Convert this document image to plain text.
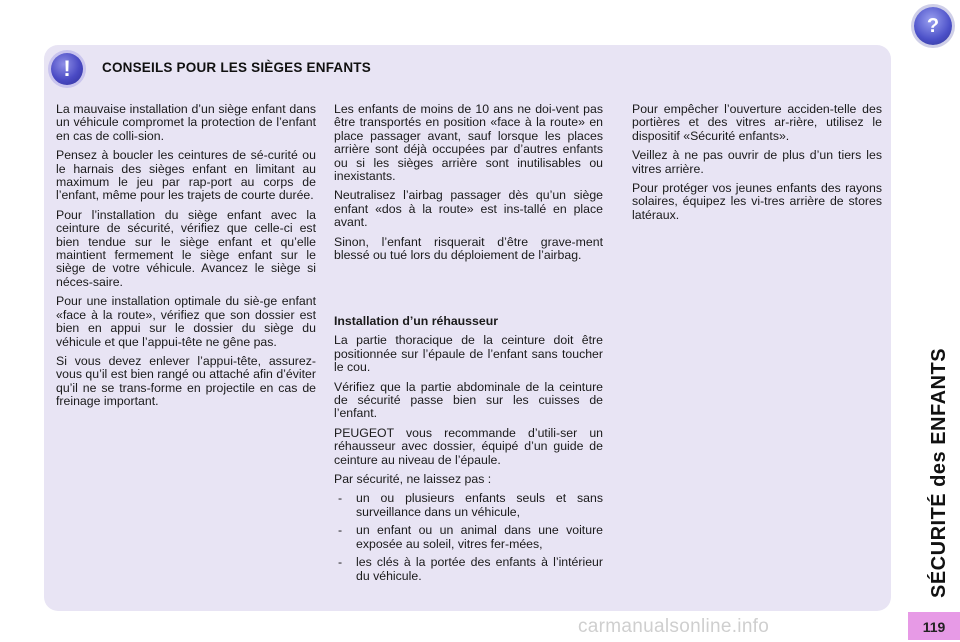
!	CONSEILS POUR LES SIÈGES ENFANTS

La mauvaise installation d’un siège enfant dans un véhicule compromet la protection de l’enfant en cas de colli-sion.

Pensez à boucler les ceintures de sé-curité ou le harnais des sièges enfant en limitant au maximum le jeu par rap-port au corps de l’enfant, même pour les trajets de courte durée.

Pour l’installation du siège enfant avec la ceinture de sécurité, vérifiez que celle-ci est bien tendue sur le siège enfant et qu’elle maintient fermement le siège enfant sur le siège de votre véhicule. Avancez le siège si néces-saire.

Pour une installation optimale du siè-ge enfant «face à la route», vérifiez que son dossier est bien en appui sur le dossier du siège du véhicule et que l’appui-tête ne gêne pas.

Si vous devez enlever l’appui-tête, assurez-vous qu’il est bien rangé ou attaché afin d’éviter qu’il ne se trans-forme en projectile en cas de freinage important.

Les enfants de moins de 10 ans ne doi-vent pas être transportés en position «face à la route» en place passager avant, sauf lorsque les places arrière sont déjà occupées par d’autres enfants ou si les sièges arrière sont inutilisables ou inexistants.

Neutralisez l’airbag passager dès qu’un siège enfant «dos à la route» est ins-tallé en place avant.

Sinon, l’enfant risquerait d’être grave-ment blessé ou tué lors du déploiement de l’airbag.

Installation d’un réhausseur

La partie thoracique de la ceinture doit être positionnée sur l’épaule de l’enfant sans toucher le cou.

Vérifiez que la partie abdominale de la ceinture de sécurité passe bien sur les cuisses de l’enfant.

PEUGEOT vous recommande d’utili-ser un réhausseur avec dossier, équipé d’un guide de ceinture au niveau de l’épaule.

Par sécurité, ne laissez pas :

- un ou plusieurs enfants seuls et sans surveillance dans un véhicule,
- un enfant ou un animal dans une voiture exposée au soleil, vitres fer-mées,
- les clés à la portée des enfants à l’intérieur du véhicule.

Pour empêcher l’ouverture acciden-telle des portières et des vitres ar-rière, utilisez le dispositif «Sécurité enfants».

Veillez à ne pas ouvrir de plus d’un tiers les vitres arrière.

Pour protéger vos jeunes enfants des rayons solaires, équipez les vi-tres arrière de stores latéraux.

?
SÉCURITÉ des ENFANTS
119
carmanualsonline.info
